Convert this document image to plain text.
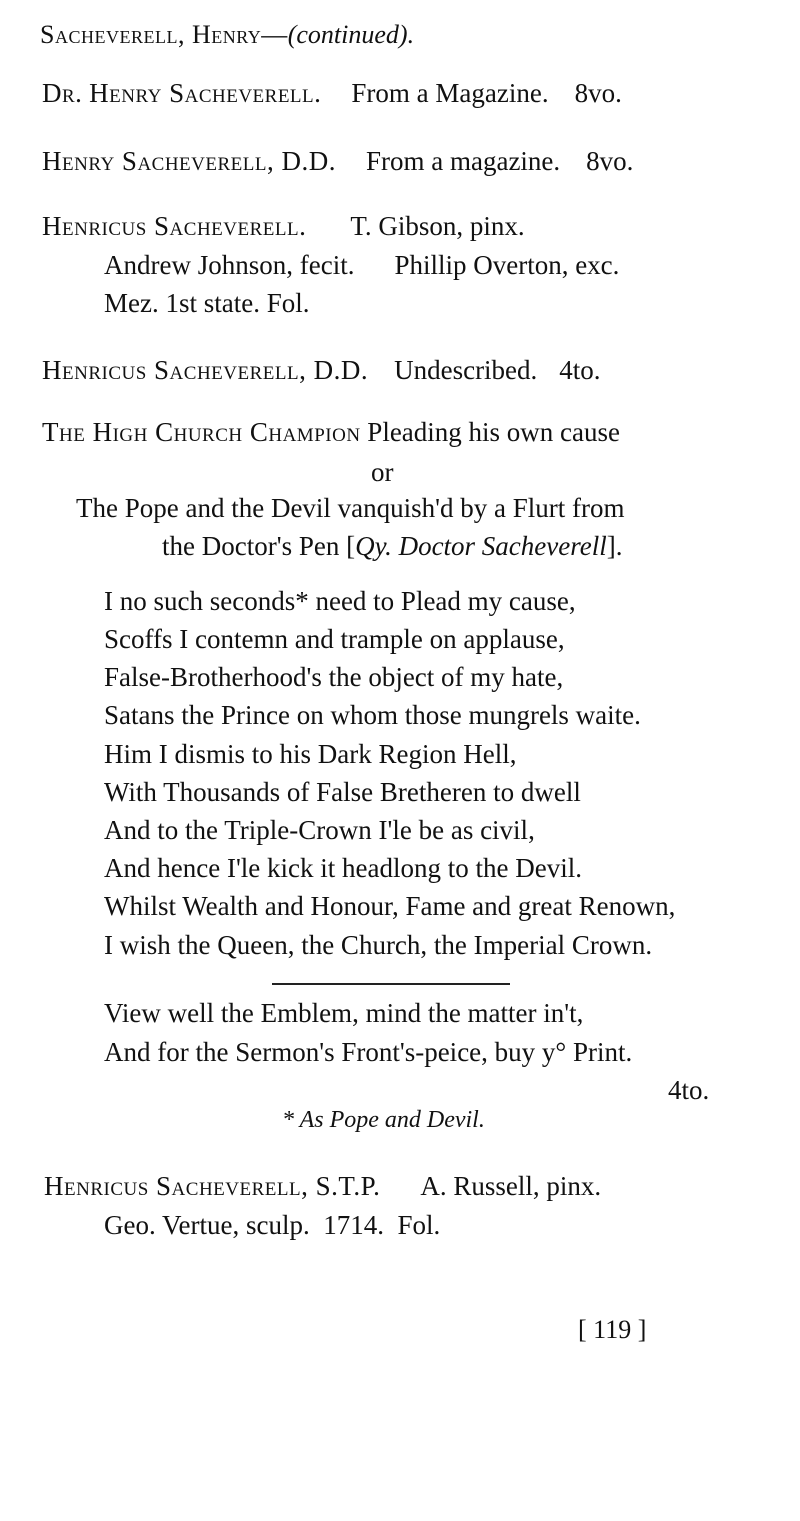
Sacheverell, Henry—(continued).
Dr. Henry Sacheverell. From a Magazine. 8vo.
Henry Sacheverell, D.D. From a magazine. 8vo.
Henricus Sacheverell. T. Gibson, pinx.
Andrew Johnson, fecit. Phillip Overton, exc.
Mez. 1st state. Fol.
Henricus Sacheverell, D.D. Undescribed. 4to.
The High Church Champion Pleading his own cause
or
The Pope and the Devil vanquish'd by a Flurt from
the Doctor's Pen [Qy. Doctor Sacheverell].
I no such seconds* need to Plead my cause,
Scoffs I contemn and trample on applause,
False-Brotherhood's the object of my hate,
Satans the Prince on whom those mungrels waite.
Him I dismis to his Dark Region Hell,
With Thousands of False Bretheren to dwell
And to the Triple-Crown I'le be as civil,
And hence I'le kick it headlong to the Devil.
Whilst Wealth and Honour, Fame and great Renown,
I wish the Queen, the Church, the Imperial Crown.
View well the Emblem, mind the matter in't,
And for the Sermon's Front's-peice, buy y° Print.
4to.
* As Pope and Devil.
Henricus Sacheverell, S.T.P. A. Russell, pinx.
Geo. Vertue, sculp.  1714.  Fol.
[ 119 ]
